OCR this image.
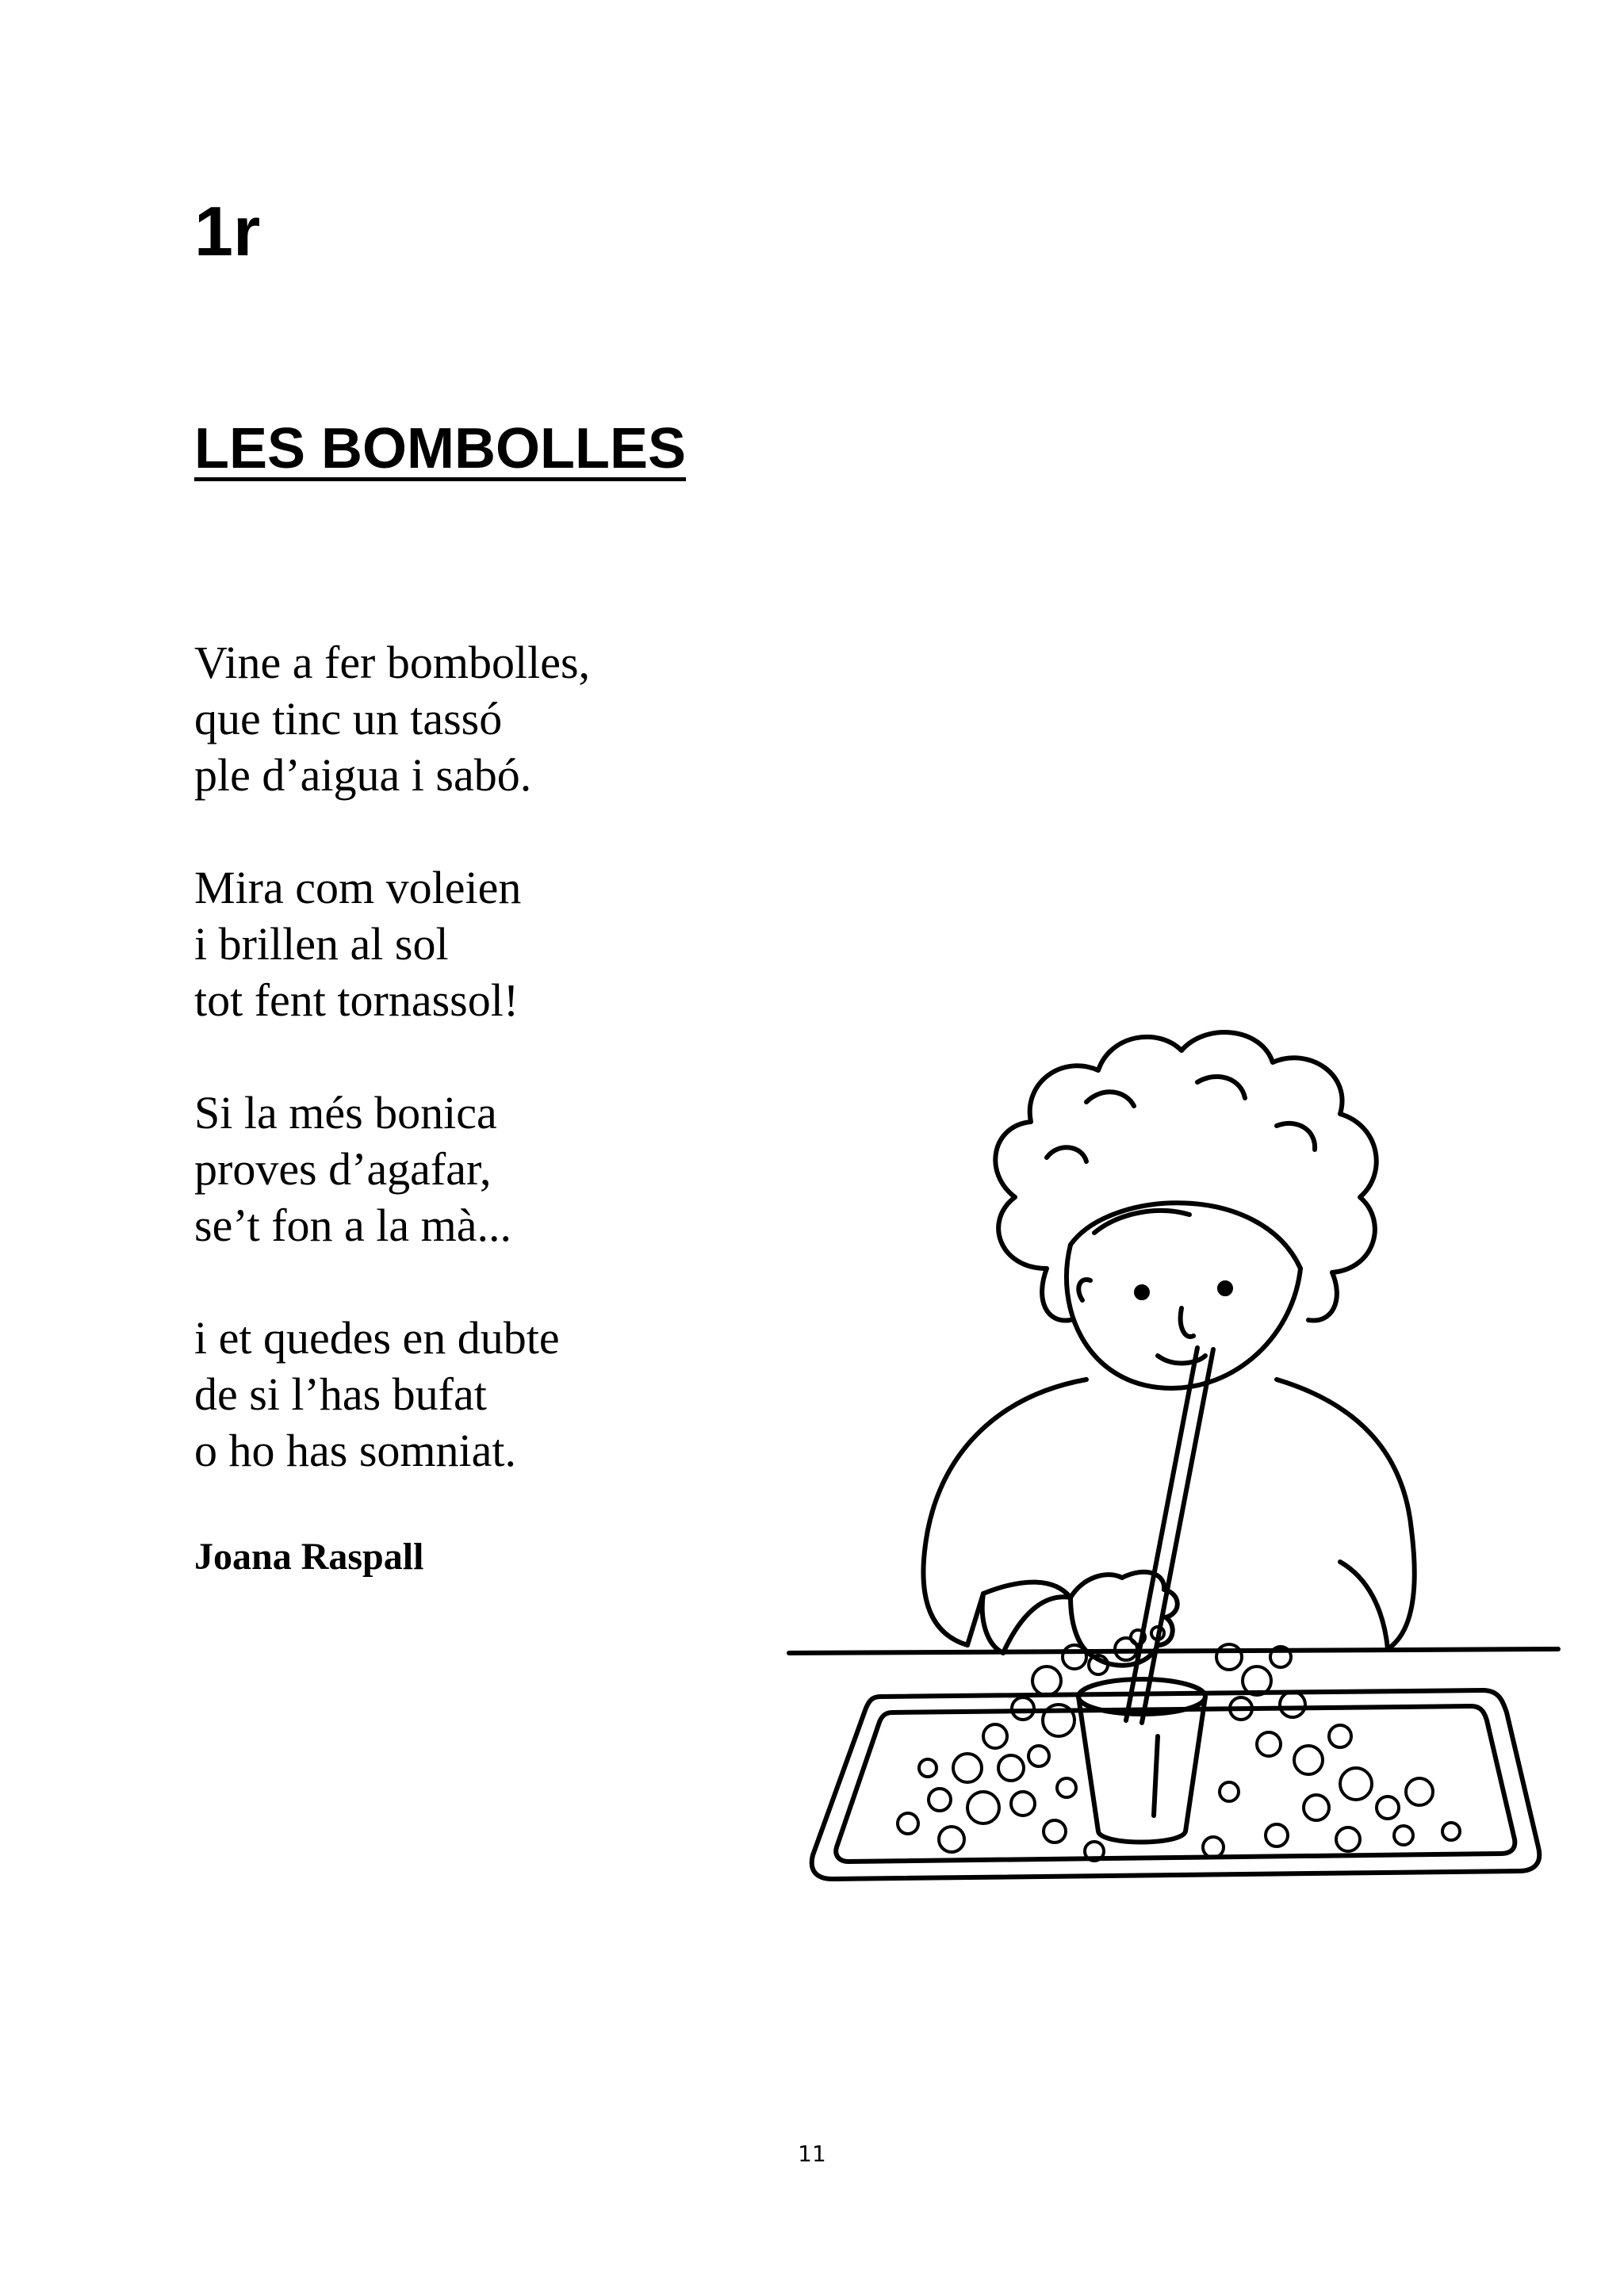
1r
LES BOMBOLLES

Vine a fer bombolles,
que tinc un tassó
ple d’aigua i sabó.

Mira com voleien
i brillen al sol
tot fent tornassol!

Si la més bonica
proves d’agafar,
se’t fon a la mà...

i et quedes en dubte
de si l’has bufat
o ho has somniat.

Joana Raspall

11
